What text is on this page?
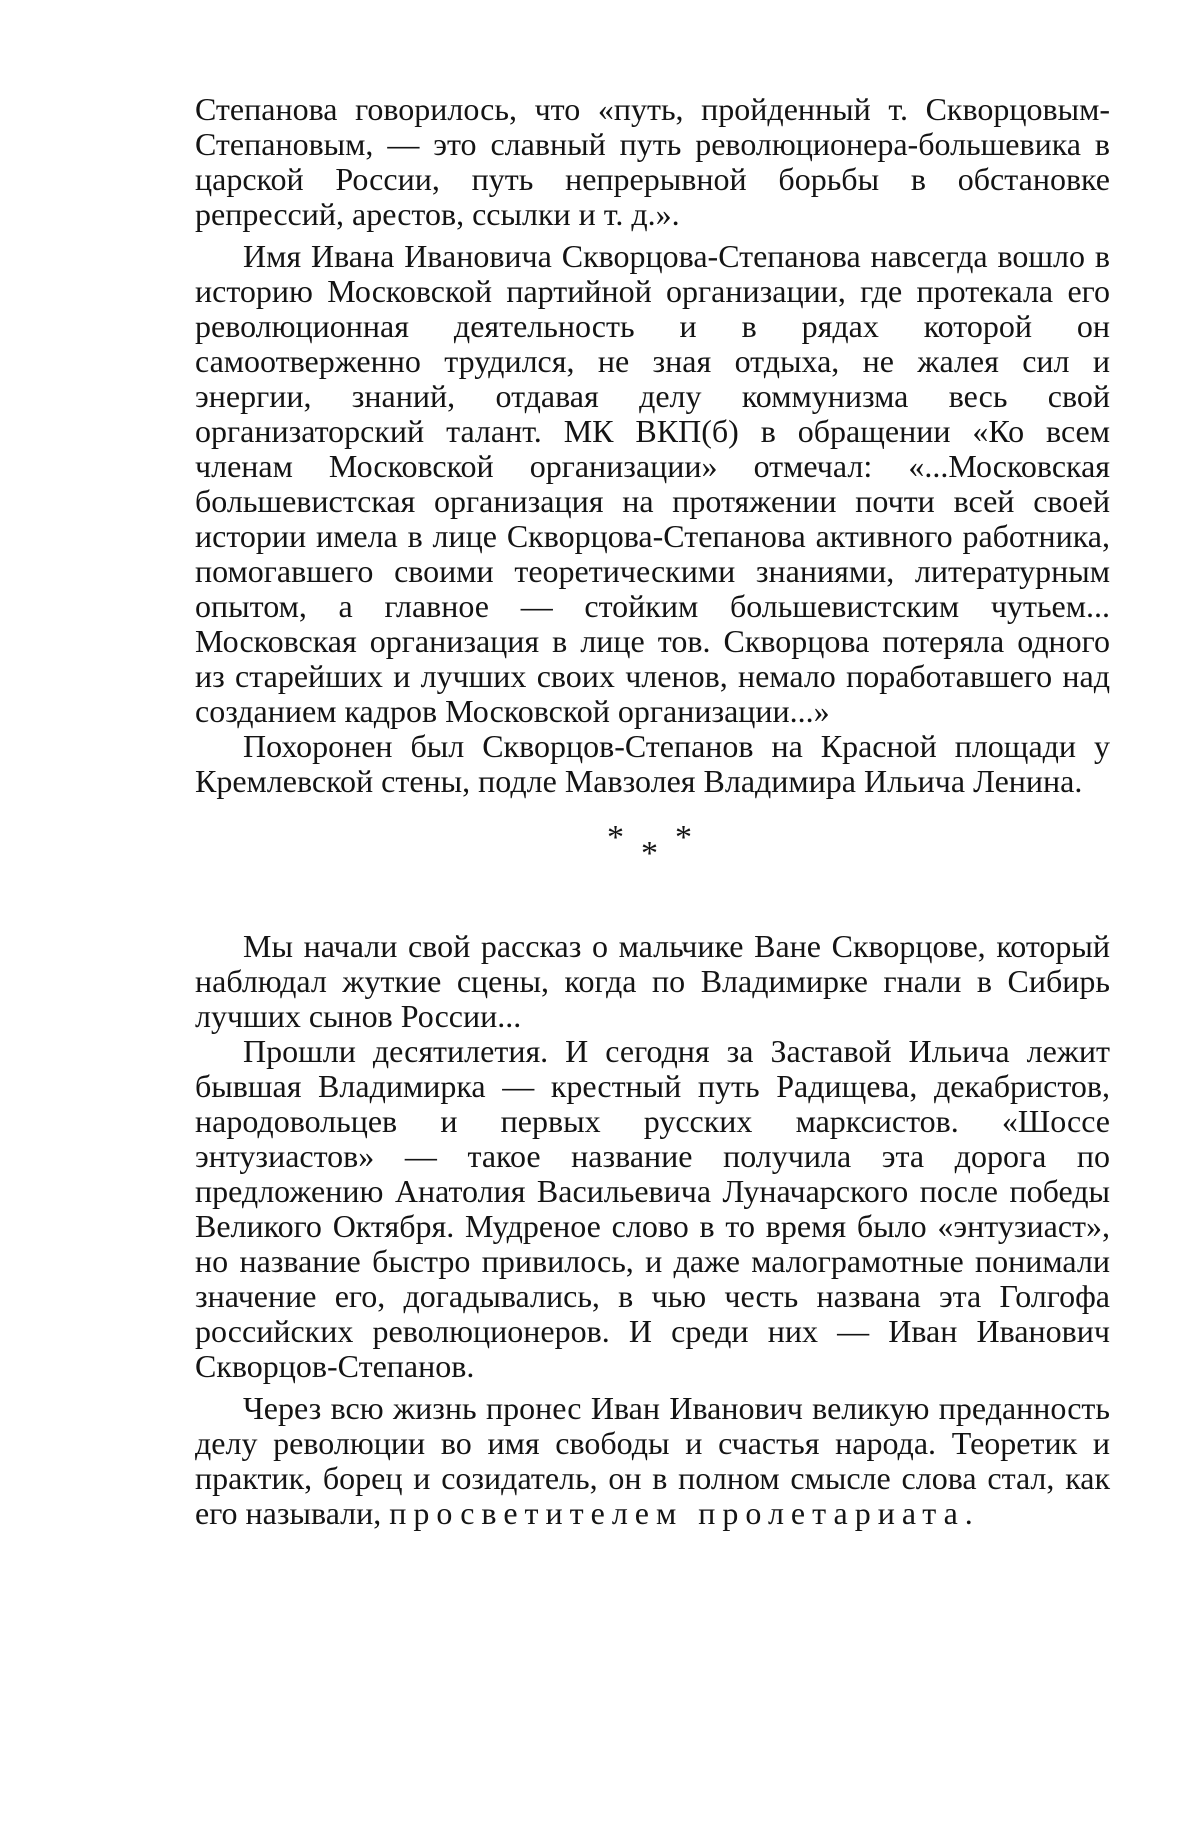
Степанова говорилось, что «путь, пройденный т. Скворцовым-Степановым, — это славный путь революционера-большевика в царской России, путь непрерывной борьбы в обстановке репрессий, арестов, ссылки и т. д.».

Имя Ивана Ивановича Скворцова-Степанова навсегда вошло в историю Московской партийной организации, где протекала его революционная деятельность и в рядах которой он самоотверженно трудился, не зная отдыха, не жалея сил и энергии, знаний, отдавая делу коммунизма весь свой организаторский талант. МК ВКП(б) в обращении «Ко всем членам Московской организации» отмечал: «...Московская большевистская организация на протяжении почти всей своей истории имела в лице Скворцова-Степанова активного работника, помогавшего своими теоретическими знаниями, литературным опытом, а главное — стойким большевистским чутьем... Московская организация в лице тов. Скворцова потеряла одного из старейших и лучших своих членов, немало поработавшего над созданием кадров Московской организации...»

Похоронен был Скворцов-Степанов на Красной площади у Кремлевской стены, подле Мавзолея Владимира Ильича Ленина.

* * *

Мы начали свой рассказ о мальчике Ване Скворцове, который наблюдал жуткие сцены, когда по Владимирке гнали в Сибирь лучших сынов России...

Прошли десятилетия. И сегодня за Заставой Ильича лежит бывшая Владимирка — крестный путь Радищева, декабристов, народовольцев и первых русских марксистов. «Шоссе энтузиастов» — такое название получила эта дорога по предложению Анатолия Васильевича Луначарского после победы Великого Октября. Мудреное слово в то время было «энтузиаст», но название быстро привилось, и даже малограмотные понимали значение его, догадывались, в чью честь названа эта Голгофа российских революционеров. И среди них — Иван Иванович Скворцов-Степанов.

Через всю жизнь пронес Иван Иванович великую преданность делу революции во имя свободы и счастья народа. Теоретик и практик, борец и созидатель, он в полном смысле слова стал, как его называли, просветителем пролетариата.
